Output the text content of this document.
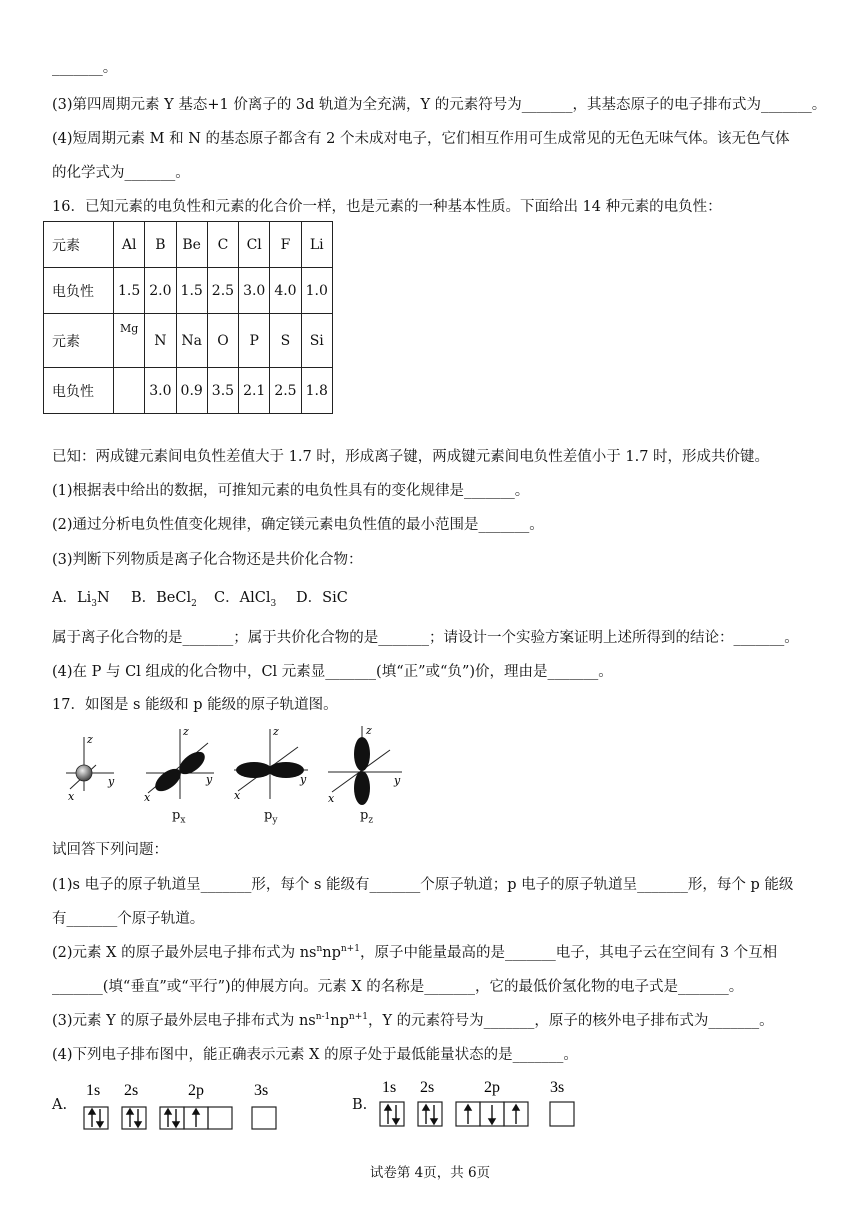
_______。
(3)第四周期元素 Y 基态+1 价离子的 3d 轨道为全充满，Y 的元素符号为_______，其基态原子的电子排布式为_______。
(4)短周期元素 M 和 N 的基态原子都含有 2 个未成对电子，它们相互作用可生成常见的无色无味气体。该无色气体
的化学式为_______。
16．已知元素的电负性和元素的化合价一样，也是元素的一种基本性质。下面给出 14 种元素的电负性：
元素	Al	B	Be	C	Cl	F	Li
电负性	1.5	2.0	1.5	2.5	3.0	4.0	1.0
元素	Mg	N	Na	O	P	S	Si
电负性		3.0	0.9	3.5	2.1	2.5	1.8
已知：两成键元素间电负性差值大于 1.7 时，形成离子键，两成键元素间电负性差值小于 1.7 时，形成共价键。
(1)根据表中给出的数据，可推知元素的电负性具有的变化规律是_______。
(2)通过分析电负性值变化规律，确定镁元素电负性值的最小范围是_______。
(3)判断下列物质是离子化合物还是共价化合物：
A．$Li_3N$ B．BeCl$_2$ C．AlCl$_3$ D．SiC
属于离子化合物的是_______；属于共价化合物的是_______；请设计一个实验方案证明上述所得到的结论：_______。
(4)在 P 与 Cl 组成的化合物中，Cl 元素显_______(填“正”或“负”)价，理由是_______。
17．如图是 s 能级和 p 能级的原子轨道图。
z
y
x
z
y
x
$p_x$
z
y
x
$p_y$
z
y
x
$p_z$
试回答下列问题：
(1)s 电子的原子轨道呈_______形，每个 s 能级有_______个原子轨道；p 电子的原子轨道呈_______形，每个 p 能级
有_______个原子轨道。
(2)元素 X 的原子最外层电子排布式为 $ns^nnp^{n+1}$，原子中能量最高的是_______电子，其电子云在空间有 3 个互相
_______(填“垂直”或“平行”)的伸展方向。元素 X 的名称是_______，它的最低价氢化物的电子式是_______。
(3)元素 Y 的原子最外层电子排布式为 $ns^{n-1}np^{n+1}$，Y 的元素符号为_______，原子的核外电子排布式为_______。
(4)下列电子排布图中，能正确表示元素 X 的原子处于最低能量状态的是_______。
A.
1s 2s	2p	3s
B.
1s 2s	2p	3s
试卷第 4页，共 6页
